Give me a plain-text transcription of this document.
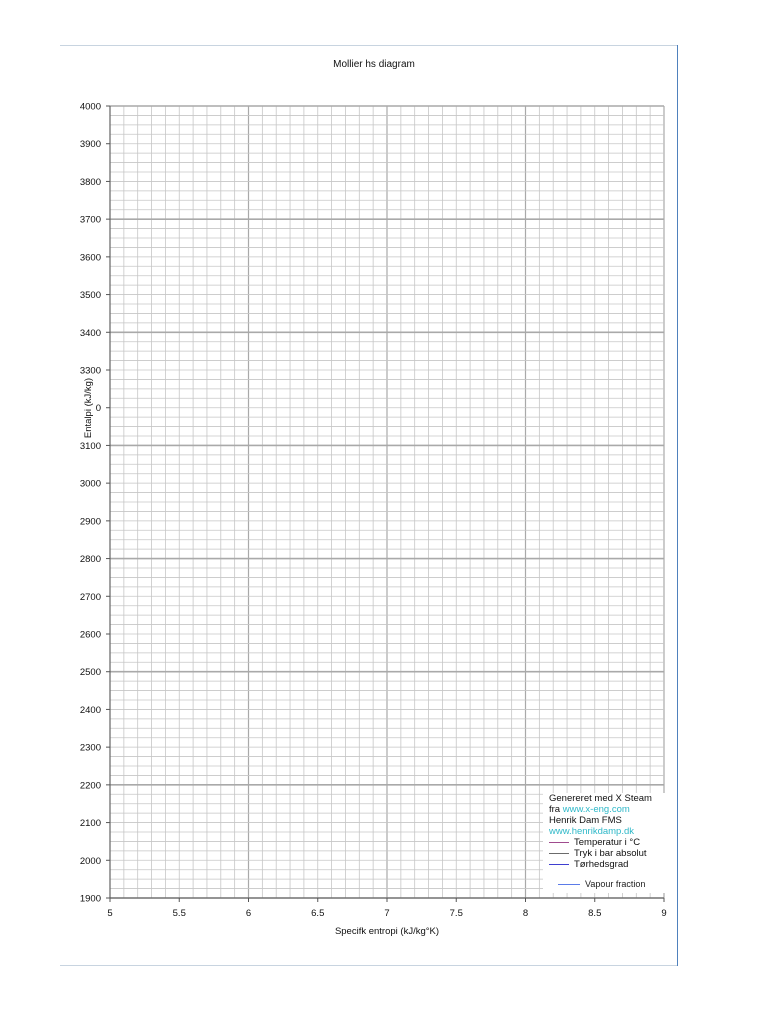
5	5.5	6	6.5	7	7.5	8	8.5	9
4000
3900
3800
3700
3600
3500
3400
3300
0
3100
3000
2900
2800
2700
2600
2500
2400
2300
2200
2100
2000
1900
Mollier hs diagram
Specifk entropi (kJ/kg°K)
Entalpi (kJ/kg)
Genereret med X Steam
fra www.x-eng.com
Henrik Dam FMS
www.henrikdamp.dk
Temperatur i °C
Tryk i bar absolut
Tørhedsgrad
Vapour fraction
